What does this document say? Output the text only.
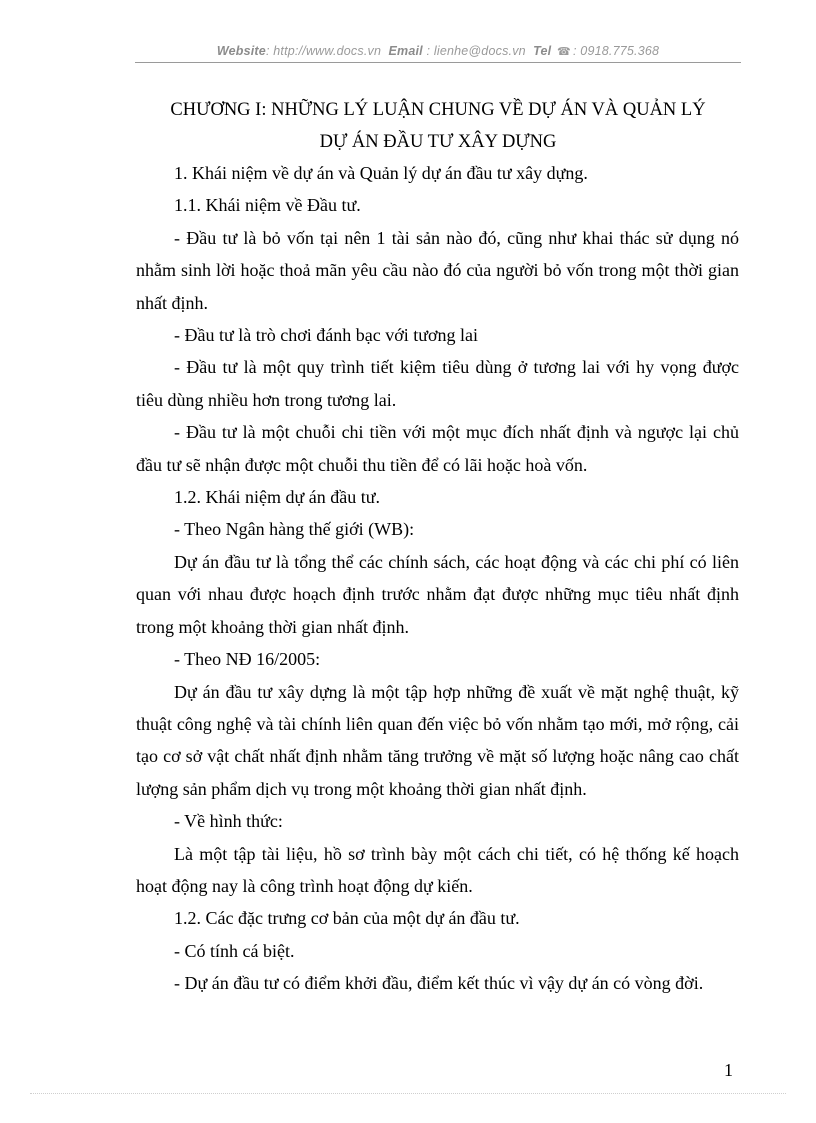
Website: http://www.docs.vn Email : lienhe@docs.vn Tel ☎ : 0918.775.368
CHƯƠNG I: NHỮNG LÝ LUẬN CHUNG VỀ DỰ ÁN VÀ QUẢN LÝ
DỰ ÁN ĐẦU TƯ XÂY DỰNG

1. Khái niệm về dự án và Quản lý dự án đầu tư xây dựng.

1.1. Khái niệm về Đầu tư.

- Đầu tư là bỏ vốn tại nên 1 tài sản nào đó, cũng như khai thác sử dụng nó nhằm sinh lời hoặc thoả mãn yêu cầu nào đó của người bỏ vốn trong một thời gian nhất định.

- Đầu tư là trò chơi đánh bạc với tương lai

- Đầu tư là một quy trình tiết kiệm tiêu dùng ở tương lai với hy vọng được tiêu dùng nhiều hơn trong tương lai.

- Đầu tư là một chuỗi chi tiền với một mục đích nhất định và ngược lại chủ đầu tư sẽ nhận được một chuỗi thu tiền để có lãi hoặc hoà vốn.

1.2. Khái niệm dự án đầu tư.

- Theo Ngân hàng thế giới (WB):

Dự án đầu tư là tổng thể các chính sách, các hoạt động và các chi phí có liên quan với nhau được hoạch định trước nhằm đạt được những mục tiêu nhất định trong một khoảng thời gian nhất định.

- Theo NĐ 16/2005:

Dự án đầu tư xây dựng là một tập hợp những đề xuất về mặt nghệ thuật, kỹ thuật công nghệ và tài chính liên quan đến việc bỏ vốn nhằm tạo mới, mở rộng, cải tạo cơ sở vật chất nhất định nhằm tăng trưởng về mặt số lượng hoặc nâng cao chất lượng sản phẩm dịch vụ trong một khoảng thời gian nhất định.

- Về hình thức:

Là một tập tài liệu, hồ sơ trình bày một cách chi tiết, có hệ thống kế hoạch hoạt động nay là công trình hoạt động dự kiến.

1.2. Các đặc trưng cơ bản của một dự án đầu tư.

- Có tính cá biệt.

- Dự án đầu tư có điểm khởi đầu, điểm kết thúc vì vậy dự án có vòng đời.

1
